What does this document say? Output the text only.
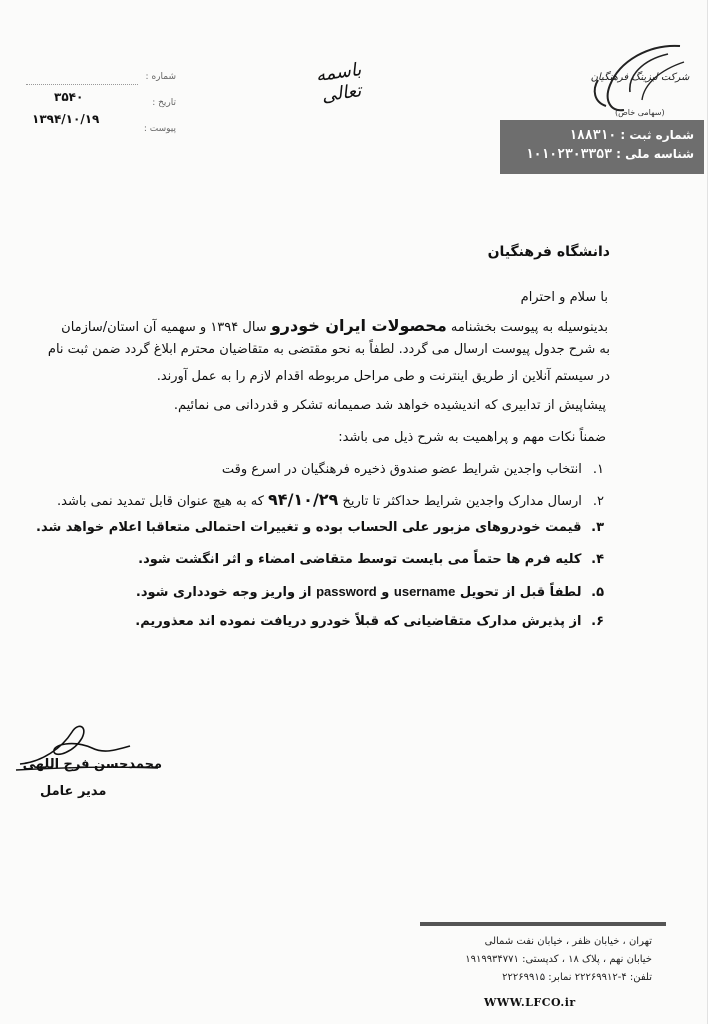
شماره :
۳۵۴۰	تاریخ :
۱۳۹۴/۱۰/۱۹
پیوست :
باسمه تعالی
شرکت لیزینگ فرهنگیان
(سهامی خاص)
شماره ثبت : ۱۸۸۳۱۰
شناسه ملی : ۱۰۱۰۲۳۰۳۳۵۳
دانشگاه فرهنگیان
با سلام و احترام
بدینوسیله به پیوست بخشنامه محصولات ایران خودرو سال ۱۳۹۴ و سهمیه آن استان/سازمان
به شرح جدول پیوست ارسال می گردد. لطفاً به نحو مقتضی به متقاضیان محترم ابلاغ گردد ضمن ثبت نام
در سیستم آنلاین از طریق اینترنت و طی مراحل مربوطه اقدام لازم را به عمل آورند.
پیشاپیش از تدابیری که اندیشیده خواهد شد صمیمانه تشکر و قدردانی می نمائیم.
ضمناً نکات مهم و پراهمیت به شرح ذیل می باشد:
۱. انتخاب واجدین شرایط عضو صندوق ذخیره فرهنگیان در اسرع وقت
۲. ارسال مدارک واجدین شرایط حداکثر تا تاریخ ۹۴/۱۰/۲۹ که به هیچ عنوان قابل تمدید نمی باشد.
۳. قیمت خودروهای مزبور علی الحساب بوده و تغییرات احتمالی متعاقبا اعلام خواهد شد.
۴. کلیه فرم ها حتماً می بایست توسط متقاضی امضاء و اثر انگشت شود.
۵. لطفاً قبل از تحویل username و password از واریز وجه خودداری شود.
۶. از پذیرش مدارک متقاضیانی که قبلاً خودرو دریافت نموده اند معذوریم.
محمدحسن فرج اللهی
مدیر عامل
تهران ، خیابان ظفر ، خیابان نفت شمالی
خیابان نهم ، پلاک ۱۸ ، کدپستی: ۱۹۱۹۹۳۴۷۷۱
تلفن: ۴-۲۲۲۶۹۹۱۲ نمابر: ۲۲۲۶۹۹۱۵
WWW.LFCO.ir
